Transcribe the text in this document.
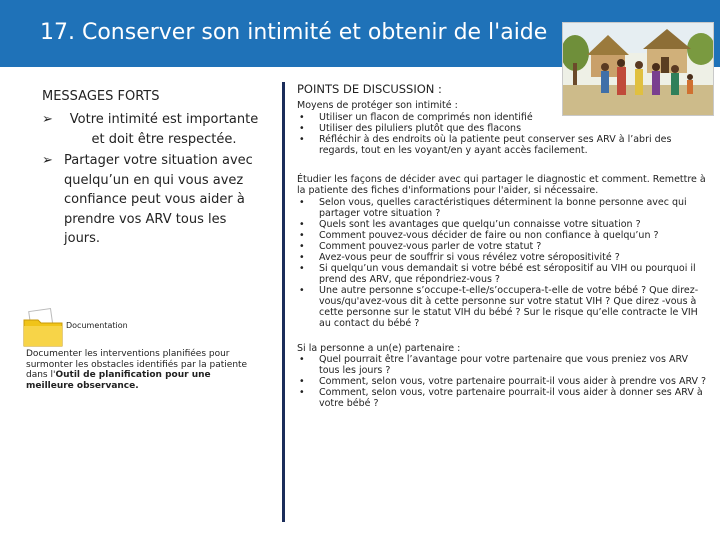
17. Conserver son intimité et obtenir de l'aide
MESSAGES FORTS
➢	Votre intimité est importante et doit être respectée.
➢ Partager votre situation avec quelqu’un en qui vous avez confiance peut vous aider à prendre vos ARV tous les jours.
Documentation
Documenter les interventions planifiées pour surmonter les obstacles identifiés par la patiente dans l'Outil de planification pour une meilleure observance.
POINTS DE DISCUSSION :

Moyens de protéger son intimité :

• Utiliser un flacon de comprimés non identifié
• Utiliser des piluliers plutôt que des flacons
• Réfléchir à des endroits où la patiente peut conserver ses ARV à l’abri des regards, tout en les voyant/en y ayant accès facilement.

Étudier les façons de décider avec qui partager le diagnostic et comment. Remettre à la patiente des fiches d'informations pour l'aider, si nécessaire.

• Selon vous, quelles caractéristiques déterminent la bonne personne avec qui partager votre situation ?
• Quels sont les avantages que quelqu’un connaisse votre situation ?
• Comment pouvez-vous décider de faire ou non confiance à quelqu’un ?
• Comment pouvez-vous parler de votre statut ?
• Avez-vous peur de souffrir si vous révélez votre séropositivité ?
• Si quelqu’un vous demandait si votre bébé est séropositif au VIH ou pourquoi il prend des ARV, que répondriez-vous ?
• Une autre personne s’occupe-t-elle/s’occupera-t-elle de votre bébé ? Que direz-vous/qu'avez-vous dit à cette personne sur votre statut VIH ? Que direz -vous à cette personne sur le statut VIH du bébé ? Sur le risque qu’elle contracte le VIH au contact du bébé ?

Si la personne a un(e) partenaire :

• Quel pourrait être l’avantage pour votre partenaire que vous preniez vos ARV tous les jours ?
• Comment, selon vous, votre partenaire pourrait-il vous aider à prendre vos ARV ?
• Comment, selon vous, votre partenaire pourrait-il vous aider à donner ses ARV à votre bébé ?
